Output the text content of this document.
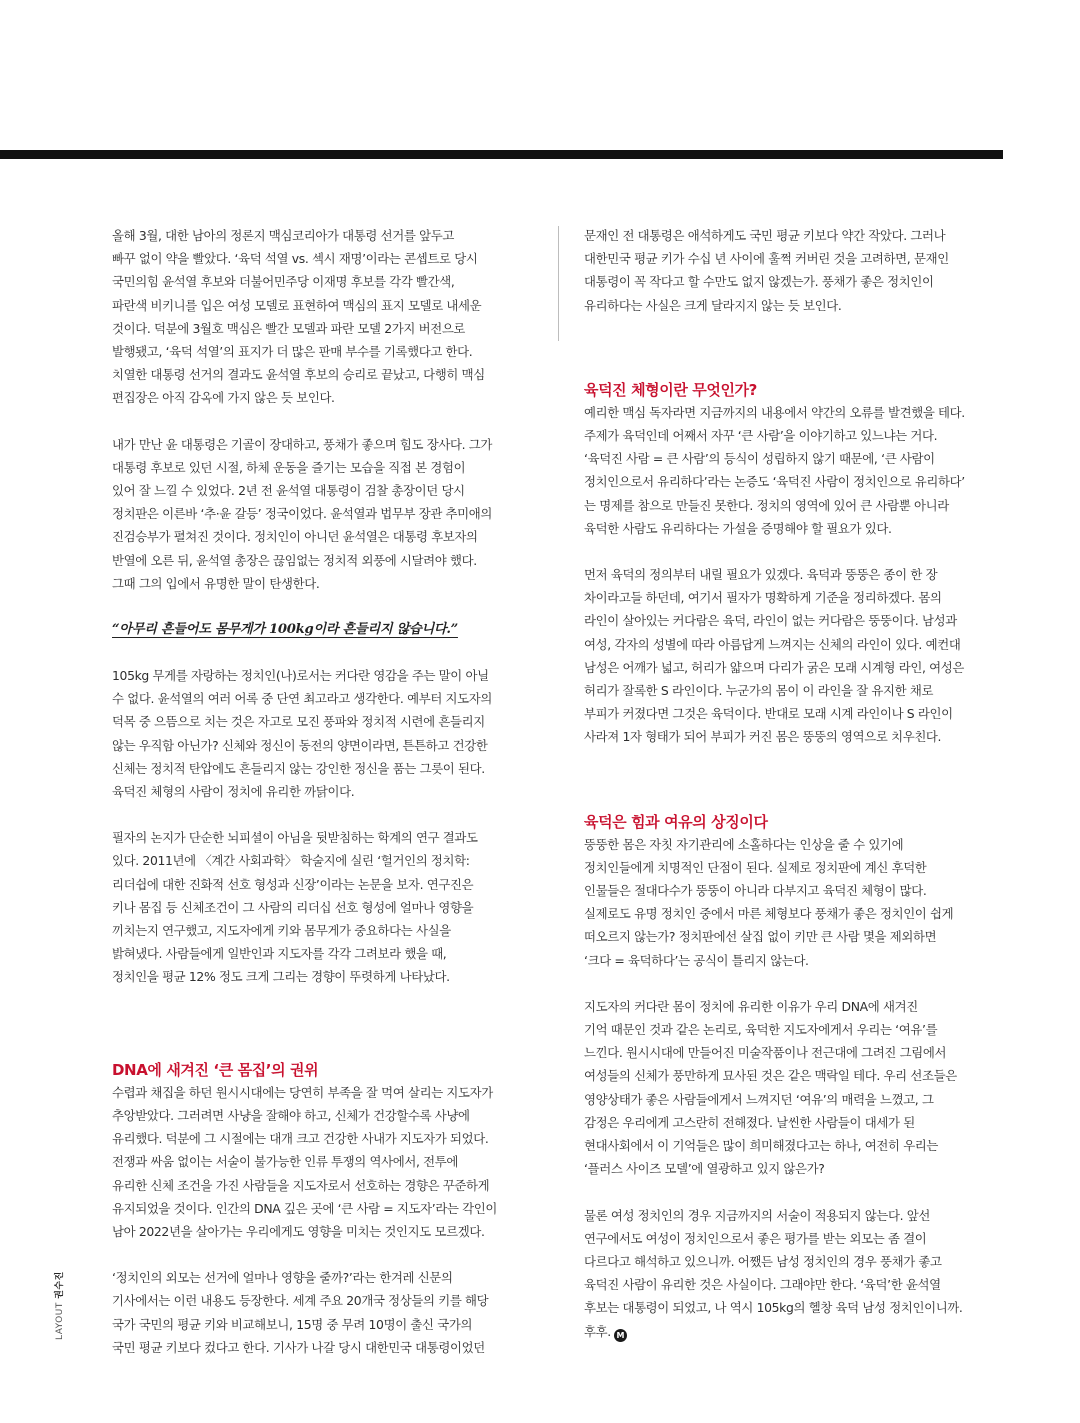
올해 3월, 대한 남아의 정론지 맥심코리아가 대통령 선거를 앞두고
빠꾸 없이 약을 빨았다. ‘육덕 석열 vs. 섹시 재명’이라는 콘셉트로 당시
국민의힘 윤석열 후보와 더불어민주당 이재명 후보를 각각 빨간색,
파란색 비키니를 입은 여성 모델로 표현하여 맥심의 표지 모델로 내세운
것이다. 덕분에 3월호 맥심은 빨간 모델과 파란 모델 2가지 버전으로
발행됐고, ‘육덕 석열’의 표지가 더 많은 판매 부수를 기록했다고 한다.
치열한 대통령 선거의 결과도 윤석열 후보의 승리로 끝났고, 다행히 맥심
편집장은 아직 감옥에 가지 않은 듯 보인다.

내가 만난 윤 대통령은 기골이 장대하고, 풍채가 좋으며 힘도 장사다. 그가
대통령 후보로 있던 시절, 하체 운동을 즐기는 모습을 직접 본 경험이
있어 잘 느낄 수 있었다. 2년 전 윤석열 대통령이 검찰 총장이던 당시
정치판은 이른바 ‘추·윤 갈등’ 정국이었다. 윤석열과 법무부 장관 추미애의
진검승부가 펼쳐진 것이다. 정치인이 아니던 윤석열은 대통령 후보자의
반열에 오른 뒤, 윤석열 총장은 끊임없는 정치적 외풍에 시달려야 했다.
그때 그의 입에서 유명한 말이 탄생한다.

“아무리 흔들어도 몸무게가 100kg이라 흔들리지 않습니다.”

105kg 무게를 자랑하는 정치인(나)로서는 커다란 영감을 주는 말이 아닐
수 없다. 윤석열의 여러 어록 중 단연 최고라고 생각한다. 예부터 지도자의
덕목 중 으뜸으로 치는 것은 자고로 모진 풍파와 정치적 시련에 흔들리지
않는 우직함 아닌가? 신체와 정신이 동전의 양면이라면, 튼튼하고 건강한
신체는 정치적 탄압에도 흔들리지 않는 강인한 정신을 품는 그릇이 된다.
육덕진 체형의 사람이 정치에 유리한 까닭이다.

필자의 논지가 단순한 뇌피셜이 아님을 뒷받침하는 학계의 연구 결과도
있다. 2011년에 〈계간 사회과학〉 학술지에 실린 ‘헐거인의 정치학:
리더쉽에 대한 진화적 선호 형성과 신장’이라는 논문을 보자. 연구진은
키나 몸집 등 신체조건이 그 사람의 리더십 선호 형성에 얼마나 영향을
끼치는지 연구했고, 지도자에게 키와 몸무게가 중요하다는 사실을
밝혀냈다. 사람들에게 일반인과 지도자를 각각 그려보라 했을 때,
정치인을 평균 12% 정도 크게 그리는 경향이 뚜렷하게 나타났다.

DNA에 새겨진 ‘큰 몸집’의 권위

수렵과 채집을 하던 원시시대에는 당연히 부족을 잘 먹여 살리는 지도자가
추앙받았다. 그러려면 사냥을 잘해야 하고, 신체가 건강할수록 사냥에
유리했다. 덕분에 그 시절에는 대개 크고 건강한 사내가 지도자가 되었다.
전쟁과 싸움 없이는 서술이 불가능한 인류 투쟁의 역사에서, 전투에
유리한 신체 조건을 가진 사람들을 지도자로서 선호하는 경향은 꾸준하게
유지되었을 것이다. 인간의 DNA 깊은 곳에 ‘큰 사람 = 지도자’라는 각인이
남아 2022년을 살아가는 우리에게도 영향을 미치는 것인지도 모르겠다.

‘정치인의 외모는 선거에 얼마나 영향을 줄까?’라는 한겨레 신문의
기사에서는 이런 내용도 등장한다. 세계 주요 20개국 정상들의 키를 해당
국가 국민의 평균 키와 비교해보니, 15명 중 무려 10명이 출신 국가의
국민 평균 키보다 컸다고 한다. 기사가 나갈 당시 대한민국 대통령이었던

문재인 전 대통령은 애석하게도 국민 평균 키보다 약간 작았다. 그러나
대한민국 평균 키가 수십 년 사이에 훌쩍 커버린 것을 고려하면, 문재인
대통령이 꼭 작다고 할 수만도 없지 않겠는가. 풍채가 좋은 정치인이
유리하다는 사실은 크게 달라지지 않는 듯 보인다.

육덕진 체형이란 무엇인가?

예리한 맥심 독자라면 지금까지의 내용에서 약간의 오류를 발견했을 테다.
주제가 육덕인데 어째서 자꾸 ‘큰 사람’을 이야기하고 있느냐는 거다.
‘육덕진 사람 = 큰 사람’의 등식이 성립하지 않기 때문에, ‘큰 사람이
정치인으로서 유리하다’라는 논증도 ‘육덕진 사람이 정치인으로 유리하다’
는 명제를 참으로 만들진 못한다. 정치의 영역에 있어 큰 사람뿐 아니라
육덕한 사람도 유리하다는 가설을 증명해야 할 필요가 있다.

먼저 육덕의 정의부터 내릴 필요가 있겠다. 육덕과 뚱뚱은 종이 한 장
차이라고들 하던데, 여기서 필자가 명확하게 기준을 정리하겠다. 몸의
라인이 살아있는 커다람은 육덕, 라인이 없는 커다람은 뚱뚱이다. 남성과
여성, 각자의 성별에 따라 아름답게 느껴지는 신체의 라인이 있다. 예컨대
남성은 어깨가 넓고, 허리가 얇으며 다리가 굵은 모래 시계형 라인, 여성은
허리가 잘록한 S 라인이다. 누군가의 몸이 이 라인을 잘 유지한 채로
부피가 커졌다면 그것은 육덕이다. 반대로 모래 시계 라인이나 S 라인이
사라져 1자 형태가 되어 부피가 커진 몸은 뚱뚱의 영역으로 치우친다.

육덕은 힘과 여유의 상징이다

뚱뚱한 몸은 자칫 자기관리에 소홀하다는 인상을 줄 수 있기에
정치인들에게 치명적인 단점이 된다. 실제로 정치판에 계신 후덕한
인물들은 절대다수가 뚱뚱이 아니라 다부지고 육덕진 체형이 많다.
실제로도 유명 정치인 중에서 마른 체형보다 풍채가 좋은 정치인이 쉽게
떠오르지 않는가? 정치판에선 살집 없이 키만 큰 사람 몇을 제외하면
‘크다 = 육덕하다’는 공식이 틀리지 않는다.

지도자의 커다란 몸이 정치에 유리한 이유가 우리 DNA에 새겨진
기억 때문인 것과 같은 논리로, 육덕한 지도자에게서 우리는 ‘여유’를
느낀다. 원시시대에 만들어진 미술작품이나 전근대에 그려진 그림에서
여성들의 신체가 풍만하게 묘사된 것은 같은 맥락일 테다. 우리 선조들은
영양상태가 좋은 사람들에게서 느껴지던 ‘여유’의 매력을 느꼈고, 그
감정은 우리에게 고스란히 전해졌다. 날씬한 사람들이 대세가 된
현대사회에서 이 기억들은 많이 희미해졌다고는 하나, 여전히 우리는
‘플러스 사이즈 모델’에 열광하고 있지 않은가?

물론 여성 정치인의 경우 지금까지의 서술이 적용되지 않는다. 앞선
연구에서도 여성이 정치인으로서 좋은 평가를 받는 외모는 좀 결이
다르다고 해석하고 있으니까. 어쨌든 남성 정치인의 경우 풍채가 좋고
육덕진 사람이 유리한 것은 사실이다. 그래야만 한다. ‘육덕’한 윤석열
후보는 대통령이 되었고, 나 역시 105kg의 헬창 육덕 남성 정치인이니까.
후후. M

LAYOUT 권수진
